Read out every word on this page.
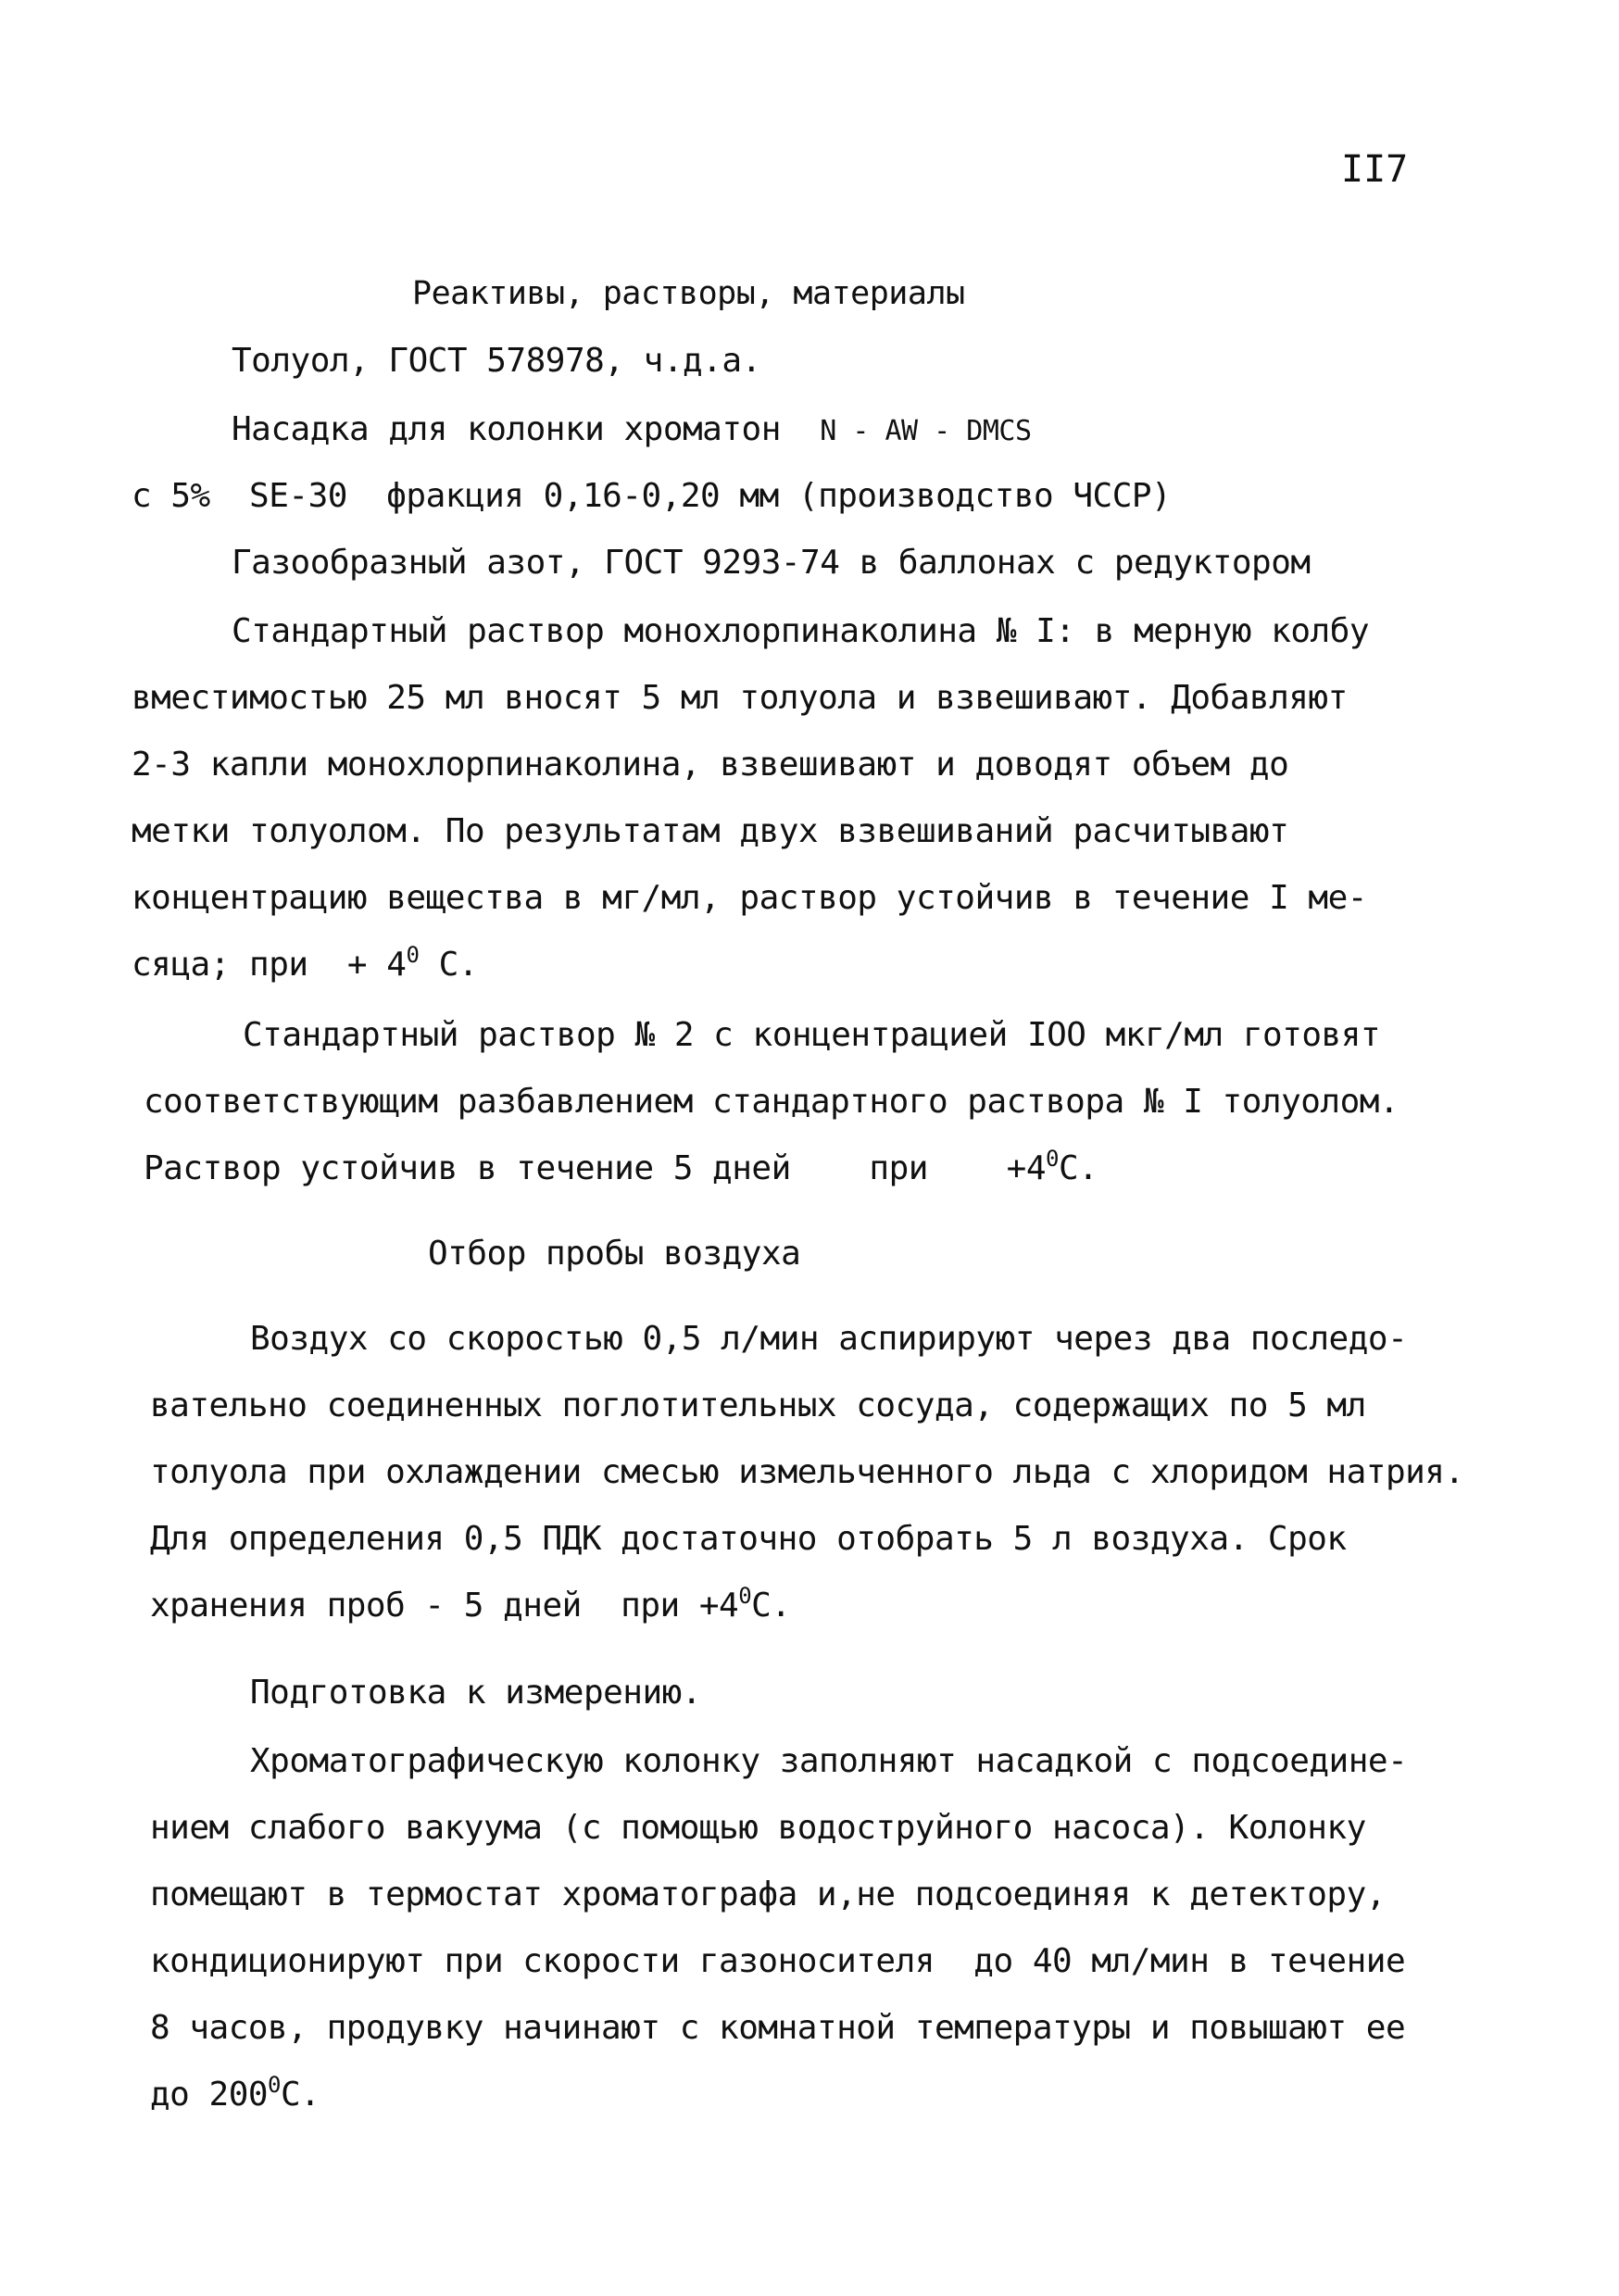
II7
Реактивы, растворы, материалы
Толуол, ГОСТ 578978, ч.д.а.
Насадка для колонки хроматон N - AW - DMCS
с 5%  SE-30  фракция 0,16-0,20 мм (производство ЧССР)
Газообразный азот, ГОСТ 9293-74 в баллонах с редуктором
Стандартный раствор монохлорпинаколина № I: в мерную колбу
вместимостью 25 мл вносят 5 мл толуола и взвешивают. Добавляют
2-3 капли монохлорпинаколина, взвешивают и доводят объем до
метки толуолом. По результатам двух взвешиваний расчитывают
концентрацию вещества в мг/мл, раствор устойчив в течение I ме-
сяца; при  + $4^0$ С.
Стандартный раствор № 2 с концентрацией IOO мкг/мл готовят
соответствующим разбавлением стандартного раствора № I толуолом.
Раствор устойчив в течение 5 дней    при    $+4^0С$.
Отбор пробы воздуха
Воздух со скоростью 0,5 л/мин аспирируют через два последо-
вательно соединенных поглотительных сосуда, содержащих по 5 мл
толуола при охлаждении смесью измельченного льда с хлоридом натрия.
Для определения 0,5 ПДК достаточно отобрать 5 л воздуха. Срок
хранения проб - 5 дней  при $+4^0С$.
Подготовка к измерению.
Хроматографическую колонку заполняют насадкой с подсоедине-
нием слабого вакуума (с помощью водоструйного насоса). Колонку
помещают в термостат хроматографа и,не подсоединяя к детектору,
кондиционируют при скорости газоносителя  до 40 мл/мин в течение
8 часов, продувку начинают с комнатной температуры и повышают ее
до $200^0С$.
